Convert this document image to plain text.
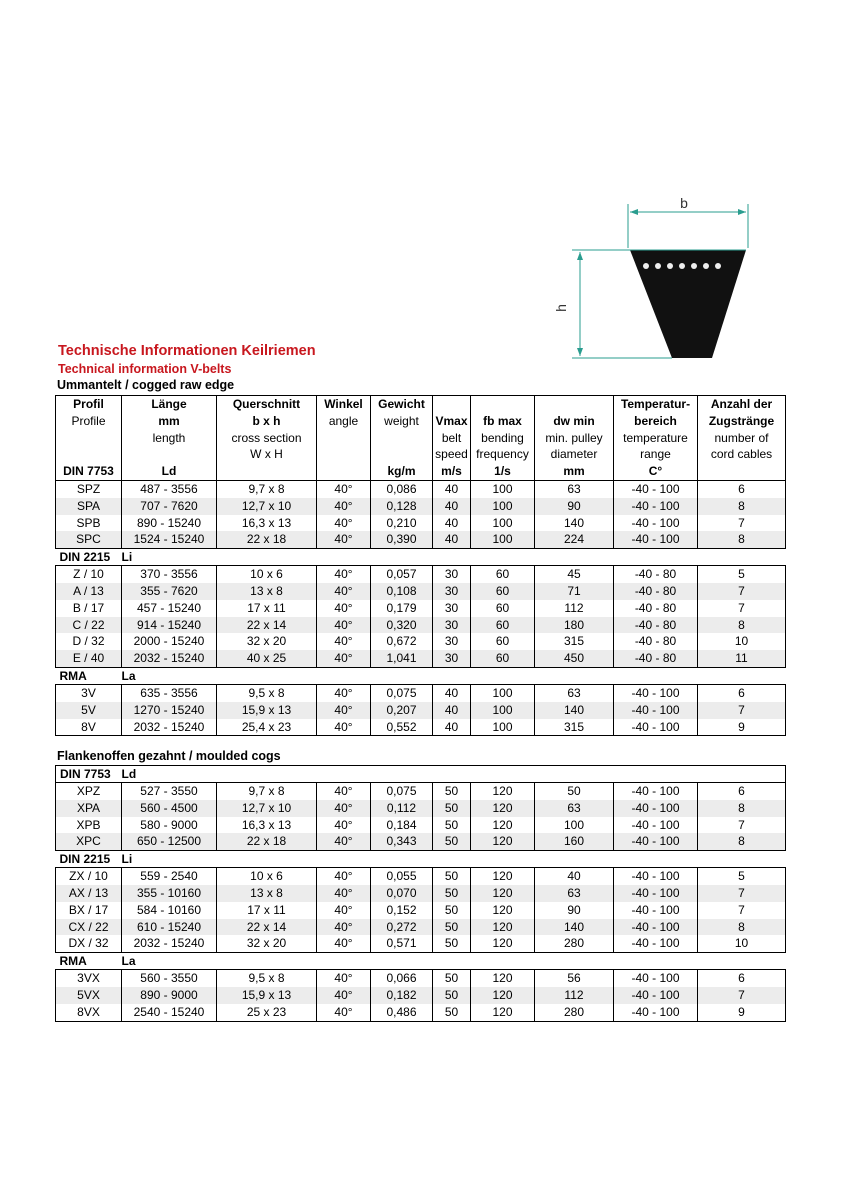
b
h
Technische Informationen Keilriemen
Technical information V-belts
Ummantelt / cogged raw edge
Profil	Länge	Querschnitt	Winkel	Gewicht				Temperatur-	Anzahl der
Profile	mm	b x h	angle	weight	Vmax	fb max	dw min	bereich	Zugstränge
	length	cross section			belt	bending	min. pulley	temperature	number of
		W x H			speed	frequency	diameter	range	cord cables
DIN 7753	Ld			kg/m	m/s	1/s	mm	C°	
SPZ	487 - 3556	9,7 x 8	40°	0,086	40	100	63	-40 - 100	6
SPA	707 - 7620	12,7 x 10	40°	0,128	40	100	90	-40 - 100	8
SPB	890 - 15240	16,3 x 13	40°	0,210	40	100	140	-40 - 100	7
SPC	1524 - 15240	22 x 18	40°	0,390	40	100	224	-40 - 100	8
DIN 2215	Li								
Z / 10	370 - 3556	10 x 6	40°	0,057	30	60	45	-40 - 80	5
A / 13	355 - 7620	13 x 8	40°	0,108	30	60	71	-40 - 80	7
B / 17	457 - 15240	17 x 11	40°	0,179	30	60	112	-40 - 80	7
C / 22	914 - 15240	22 x 14	40°	0,320	30	60	180	-40 - 80	8
D / 32	2000 - 15240	32 x 20	40°	0,672	30	60	315	-40 - 80	10
E / 40	2032 - 15240	40 x 25	40°	1,041	30	60	450	-40 - 80	11
RMA	La								
3V	635 - 3556	9,5 x 8	40°	0,075	40	100	63	-40 - 100	6
5V	1270 - 15240	15,9 x 13	40°	0,207	40	100	140	-40 - 100	7
8V	2032 - 15240	25,4 x 23	40°	0,552	40	100	315	-40 - 100	9
Flankenoffen gezahnt / moulded cogs
DIN 7753	Ld								
XPZ	527 - 3550	9,7 x 8	40°	0,075	50	120	50	-40 - 100	6
XPA	560 - 4500	12,7 x 10	40°	0,112	50	120	63	-40 - 100	8
XPB	580 - 9000	16,3 x 13	40°	0,184	50	120	100	-40 - 100	7
XPC	650 - 12500	22 x 18	40°	0,343	50	120	160	-40 - 100	8
DIN 2215	Li								
ZX / 10	559 - 2540	10 x 6	40°	0,055	50	120	40	-40 - 100	5
AX / 13	355 - 10160	13 x 8	40°	0,070	50	120	63	-40 - 100	7
BX / 17	584 - 10160	17 x 11	40°	0,152	50	120	90	-40 - 100	7
CX / 22	610 - 15240	22 x 14	40°	0,272	50	120	140	-40 - 100	8
DX / 32	2032 - 15240	32 x 20	40°	0,571	50	120	280	-40 - 100	10
RMA	La								
3VX	560 - 3550	9,5 x 8	40°	0,066	50	120	56	-40 - 100	6
5VX	890 - 9000	15,9 x 13	40°	0,182	50	120	112	-40 - 100	7
8VX	2540 - 15240	25 x 23	40°	0,486	50	120	280	-40 - 100	9
